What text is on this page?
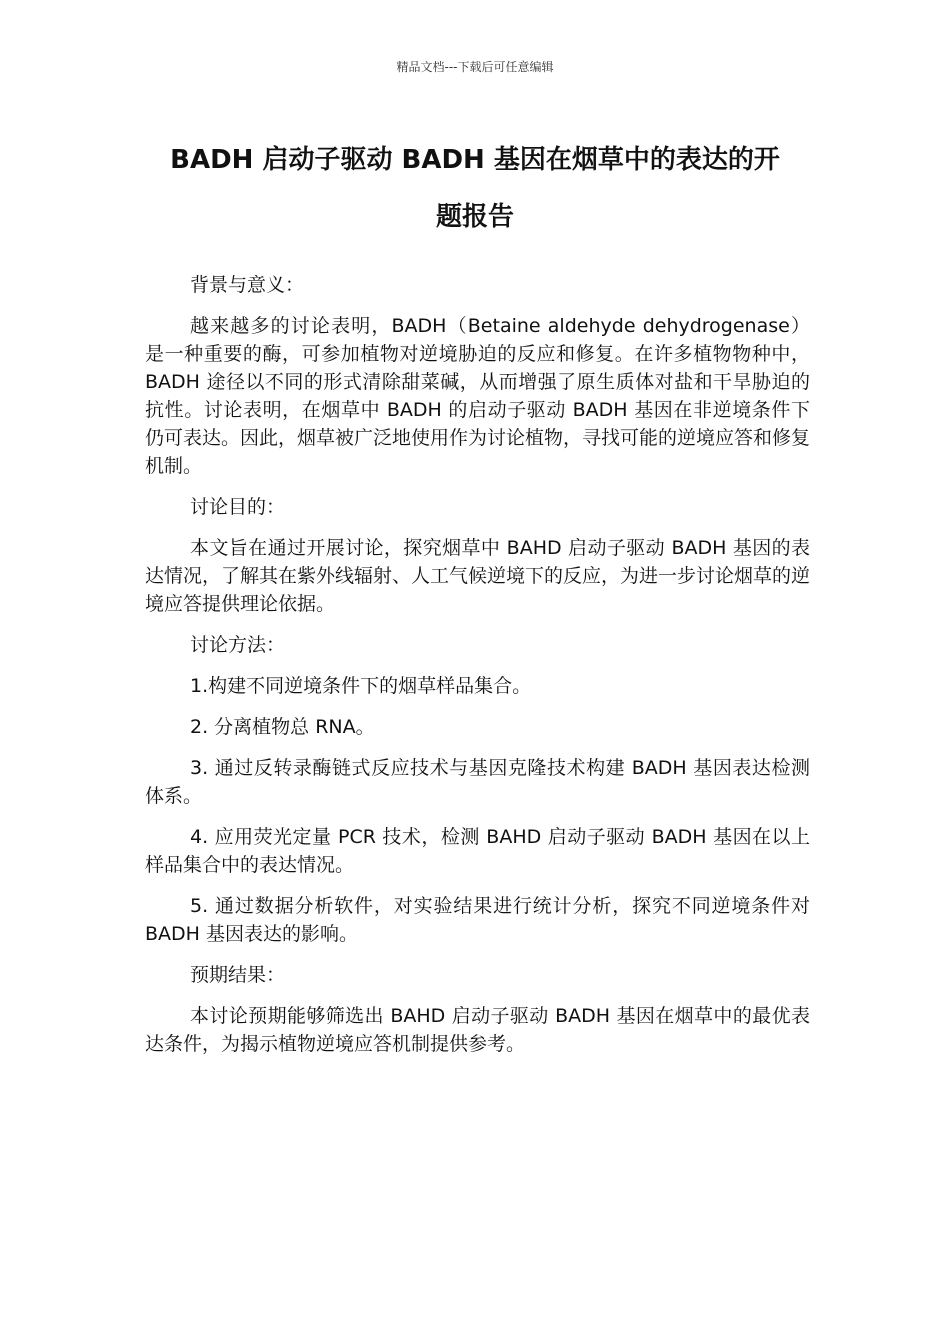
精品文档---下载后可任意编辑
BADH 启动子驱动 BADH 基因在烟草中的表达的开
题报告

背景与意义：

越来越多的讨论表明，BADH（Betaine aldehyde dehydrogenase）是一种重要的酶，可参加植物对逆境胁迫的反应和修复。在许多植物物种中，BADH 途径以不同的形式清除甜菜碱，从而增强了原生质体对盐和干旱胁迫的抗性。讨论表明，在烟草中 BADH 的启动子驱动 BADH 基因在非逆境条件下仍可表达。因此，烟草被广泛地使用作为讨论植物，寻找可能的逆境应答和修复机制。

讨论目的：

本文旨在通过开展讨论，探究烟草中 BAHD 启动子驱动 BADH 基因的表达情况，了解其在紫外线辐射、人工气候逆境下的反应，为进一步讨论烟草的逆境应答提供理论依据。

讨论方法：

1.构建不同逆境条件下的烟草样品集合。

2. 分离植物总 RNA。

3. 通过反转录酶链式反应技术与基因克隆技术构建 BADH 基因表达检测体系。

4. 应用荧光定量 PCR 技术，检测 BAHD 启动子驱动 BADH 基因在以上样品集合中的表达情况。

5. 通过数据分析软件，对实验结果进行统计分析，探究不同逆境条件对 BADH 基因表达的影响。

预期结果：

本讨论预期能够筛选出 BAHD 启动子驱动 BADH 基因在烟草中的最优表达条件，为揭示植物逆境应答机制提供参考。
